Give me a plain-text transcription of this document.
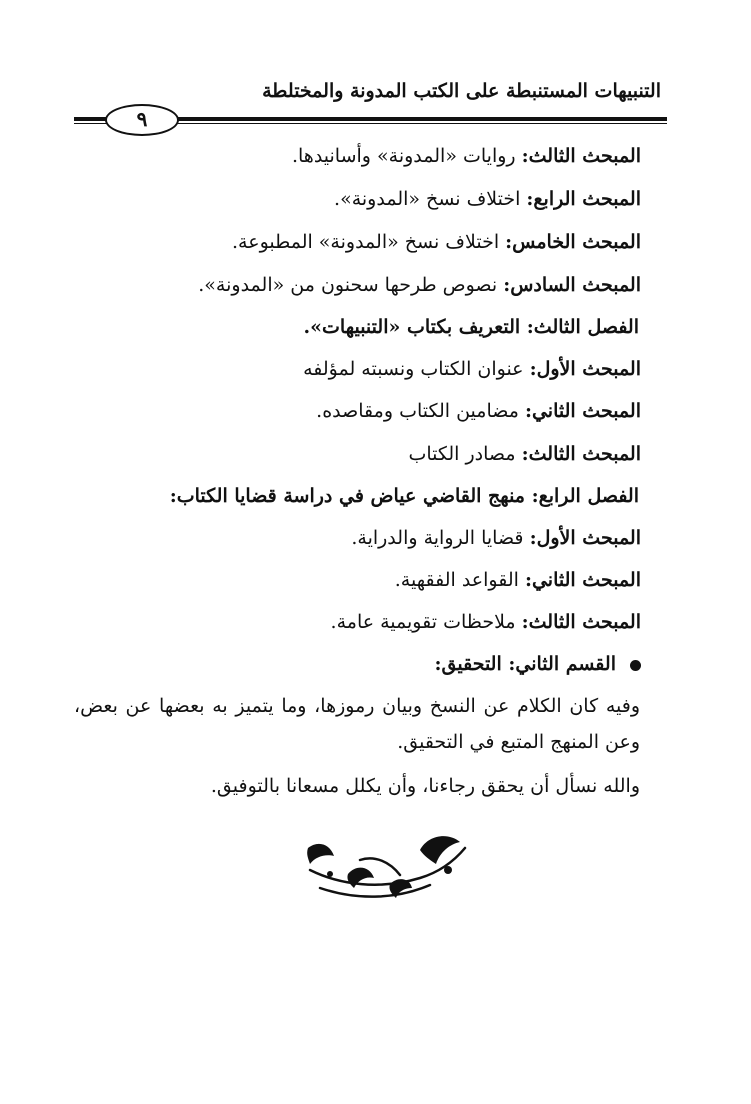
التنبيهات المستنبطة على الكتب المدونة والمختلطة
٩
المبحث الثالث: روايات «المدونة» وأسانيدها.
المبحث الرابع: اختلاف نسخ «المدونة».
المبحث الخامس: اختلاف نسخ «المدونة» المطبوعة.
المبحث السادس: نصوص طرحها سحنون من «المدونة».
الفصل الثالث: التعريف بكتاب «التنبيهات».
المبحث الأول: عنوان الكتاب ونسبته لمؤلفه
المبحث الثاني: مضامين الكتاب ومقاصده.
المبحث الثالث: مصادر الكتاب
الفصل الرابع: منهج القاضي عياض في دراسة قضايا الكتاب:
المبحث الأول: قضايا الرواية والدراية.
المبحث الثاني: القواعد الفقهية.
المبحث الثالث: ملاحظات تقويمية عامة.
القسم الثاني: التحقيق:

وفيه كان الكلام عن النسخ وبيان رموزها، وما يتميز به بعضها عن بعض، وعن المنهج المتبع في التحقيق.

والله نسأل أن يحقق رجاءنا، وأن يكلل مسعانا بالتوفيق.
